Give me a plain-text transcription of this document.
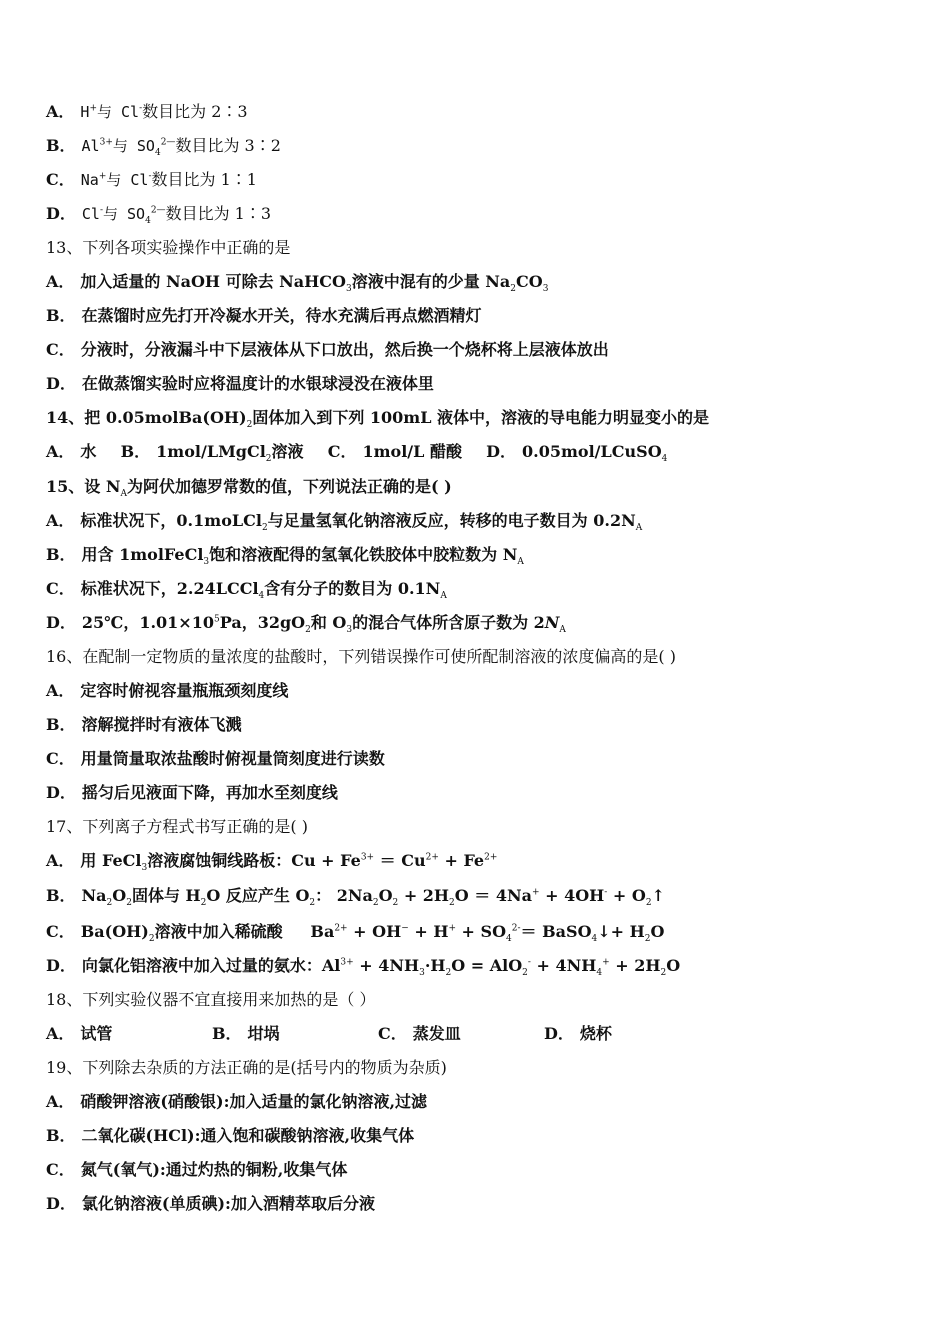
A． H+与 Cl-数目比为 2∶3
B． $Al^{3+}$与 $SO_4^{2—}$数目比为 3∶2
C． Na+与 Cl-数目比为 1∶1
D． Cl-与 $SO_4^{2—}$数目比为 1∶3
13、下列各项实验操作中正确的是
A． 加入适量的 NaOH 可除去 NaHCO$_3$溶液中混有的少量 $Na_2CO_3$
B． 在蒸馏时应先打开冷凝水开关，待水充满后再点燃酒精灯
C． 分液时，分液漏斗中下层液体从下口放出，然后换一个烧杯将上层液体放出
D． 在做蒸馏实验时应将温度计的水银球浸没在液体里
14、把 $0.05molBa(OH)_2$固体加入到下列 100mL 液体中，溶液的导电能力明显变小的是
A． 水 B． 1mol/LMgCl$_2$溶液 C． 1mol/L 醋酸 D． 0.05mol/LCuSO$_4$
15、设 $N_A$为阿伏加德罗常数的值，下列说法正确的是( )
A． 标准状况下，0.1moLCl$_2$与足量氢氧化钠溶液反应，转移的电子数目为 $0.2N_A$
B． 用含 1molFeCl$_3$饱和溶液配得的氢氧化铁胶体中胶粒数为 $N_A$
C． 标准状况下，2.24LCCl$_4$含有分子的数目为 $0.1N_A$
D． 25℃，$1.01\times 10^5Pa$，$32gO_2$和 $O_3$的混合气体所含原子数为 $2N_A$
16、在配制一定物质的量浓度的盐酸时，下列错误操作可使所配制溶液的浓度偏高的是( )
A． 定容时俯视容量瓶瓶颈刻度线
B． 溶解搅拌时有液体飞溅
C． 用量筒量取浓盐酸时俯视量筒刻度进行读数
D． 摇匀后见液面下降，再加水至刻度线
17、下列离子方程式书写正确的是( )
A． 用 FeCl$_3$溶液腐蚀铜线路板：$Cu + Fe^{3+} = Cu^{2+} + Fe^{2+}$
B． $Na_2O_2$固体与 $H_2O$ 反应产生 $O_2$： $2Na_2O_2 + 2H_2O = 4Na^+ + 4OH^-$ + $O_2↑$
C． $Ba(OH)_2$溶液中加入稀硫酸     $Ba^{2+} + OH^- + H^+ + SO_4^{2-}=$ BaSO$_4$↓+ $H_2O$
D． 向氯化铝溶液中加入过量的氨水：$Al^{3+} + 4NH_3\cdot H_2O = AlO_2^- + 4NH_4^+ + 2H_2O$
18、下列实验仪器不宜直接用来加热的是（ ）
A． 试管	B． 坩埚	C． 蒸发皿	D． 烧杯
19、下列除去杂质的方法正确的是(括号内的物质为杂质)
A． 硝酸钾溶液(硝酸银):加入适量的氯化钠溶液,过滤
B． 二氧化碳(HCl):通入饱和碳酸钠溶液,收集气体
C． 氮气(氧气):通过灼热的铜粉,收集气体
D． 氯化钠溶液(单质碘):加入酒精萃取后分液
